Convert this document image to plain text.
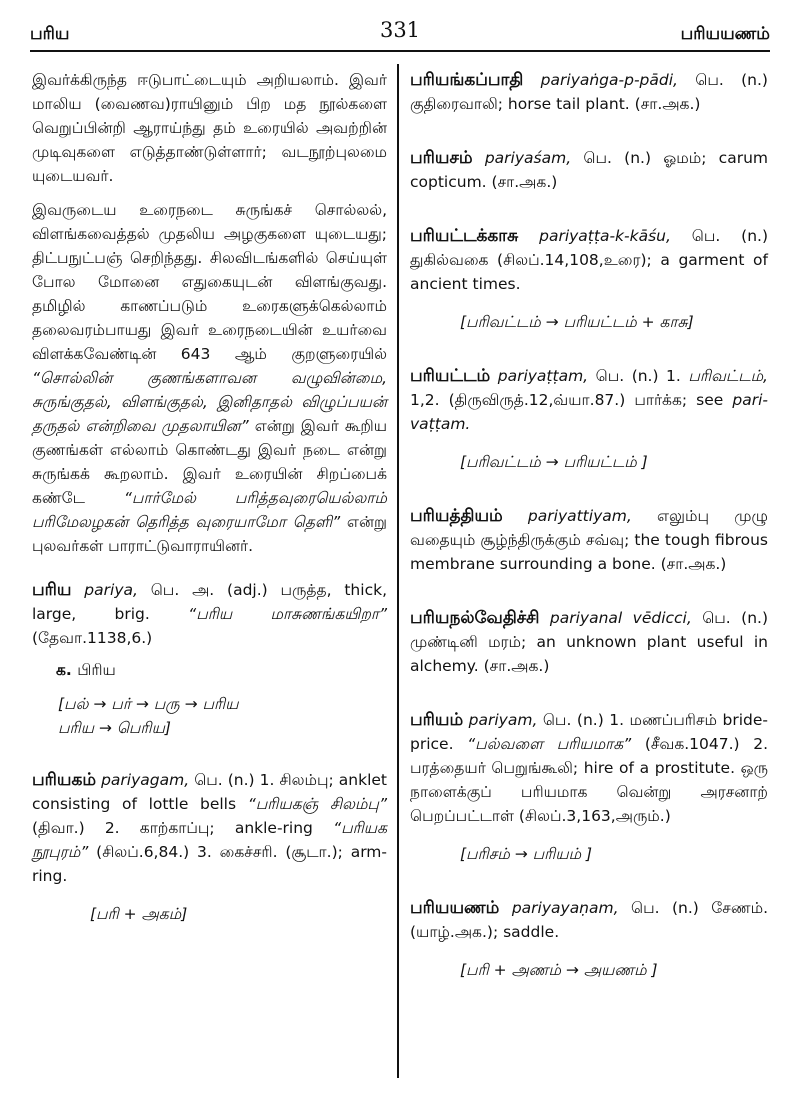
பரிய	331	பரியயணம்

இவர்க்கிருந்த ஈடுபாட்டையும் அறியலாம். இவர் மாலிய (வைணவ)ராயினும் பிற மத நூல்களை வெறுப்பின்றி ஆராய்ந்து தம் உரையில் அவற்றின் முடிவுகளை எடுத்தாண்டுள்ளார்; வடநூற்புலமை யுடையவர்.

இவருடைய உரைநடை சுருங்கச் சொல்லல், விளங்கவைத்தல் முதலிய அழகுகளை யுடையது; திட்பநுட்பஞ் செறிந்தது. சிலவிடங்களில் செய்யுள் போல மோனை எதுகையுடன் விளங்குவது. தமிழில் காணப்படும் உரைகளுக்கெல்லாம் தலைவரம்பாயது இவர் உரைநடையின் உயர்வை விளக்கவேண்டின் 643 ஆம் குறளுரையில் “சொல்லின் குணங்களாவன வழுவின்மை, சுருங்குதல், விளங்குதல், இனிதாதல் விழுப்பயன் தருதல் என்றிவை முதலாயின” என்று இவர் கூறிய குணங்கள் எல்லாம் கொண்டது இவர் நடை என்று சுருங்கக் கூறலாம். இவர் உரையின் சிறப்பைக் கண்டே “பார்மேல் பரித்தவுரையெல்லாம் பரிமேலழகன் தெரித்த வுரையாமோ தெளி” என்று புலவர்கள் பாராட்டுவாராயினர்.

பரிய pariya, பெ. அ. (adj.) பருத்த, thick, large, brig. “பரிய மாசுணங்கயிறா” (தேவா.1138,6.)

க. பிரிய

[பல் → பர் → பரு → பரிய
பரிய → பெரிய]

பரியகம் pariyagam, பெ. (n.) 1. சிலம்பு; anklet consisting of lottle bells “பரியகஞ் சிலம்பு” (திவா.) 2. காற்காப்பு; ankle-ring “பரியக நூபுரம்” (சிலப்.6,84.) 3. கைச்சரி. (சூடா.); arm-ring.

[பரி + அகம்]

பரியங்கப்பாதி pariyaṅga-p-pādi, பெ. (n.) குதிரைவாலி; horse tail plant. (சா.அக.)

பரியசம் pariyaśam, பெ. (n.) ஓமம்; carum copticum. (சா.அக.)

பரியட்டக்காசு pariyaṭṭa-k-kāśu, பெ. (n.) துகில்வகை (சிலப்.14,108,உரை); a garment of ancient times.

[பரிவட்டம் → பரியட்டம் + காசு]

பரியட்டம் pariyaṭṭam, பெ. (n.) 1. பரிவட்டம், 1,2. (திருவிருத்.12,வ்யா.87.) பார்க்க; see pari-vaṭṭam.

[பரிவட்டம் → பரியட்டம் ]

பரியத்தியம் pariyattiyam, எலும்பு முழு வதையும் சூழ்ந்திருக்கும் சவ்வு; the tough fibrous membrane surrounding a bone. (சா.அக.)

பரியநல்வேதிச்சி pariyanal vēdicci, பெ. (n.) முண்டினி மரம்; an unknown plant useful in alchemy. (சா.அக.)

பரியம் pariyam, பெ. (n.) 1. மணப்பரிசம் bride-price. “பல்வளை பரியமாக” (சீவக.1047.) 2. பரத்தையர் பெறுங்கூலி; hire of a prostitute. ஒரு நாளைக்குப் பரியமாக வென்று அரசனாற் பெறப்பட்டாள் (சிலப்.3,163,அரும்.)

[பரிசம் → பரியம் ]

பரியயணம் pariyayaṇam, பெ. (n.) சேணம். (யாழ்.அக.); saddle.

[பரி + அணம் → அயணம் ]
